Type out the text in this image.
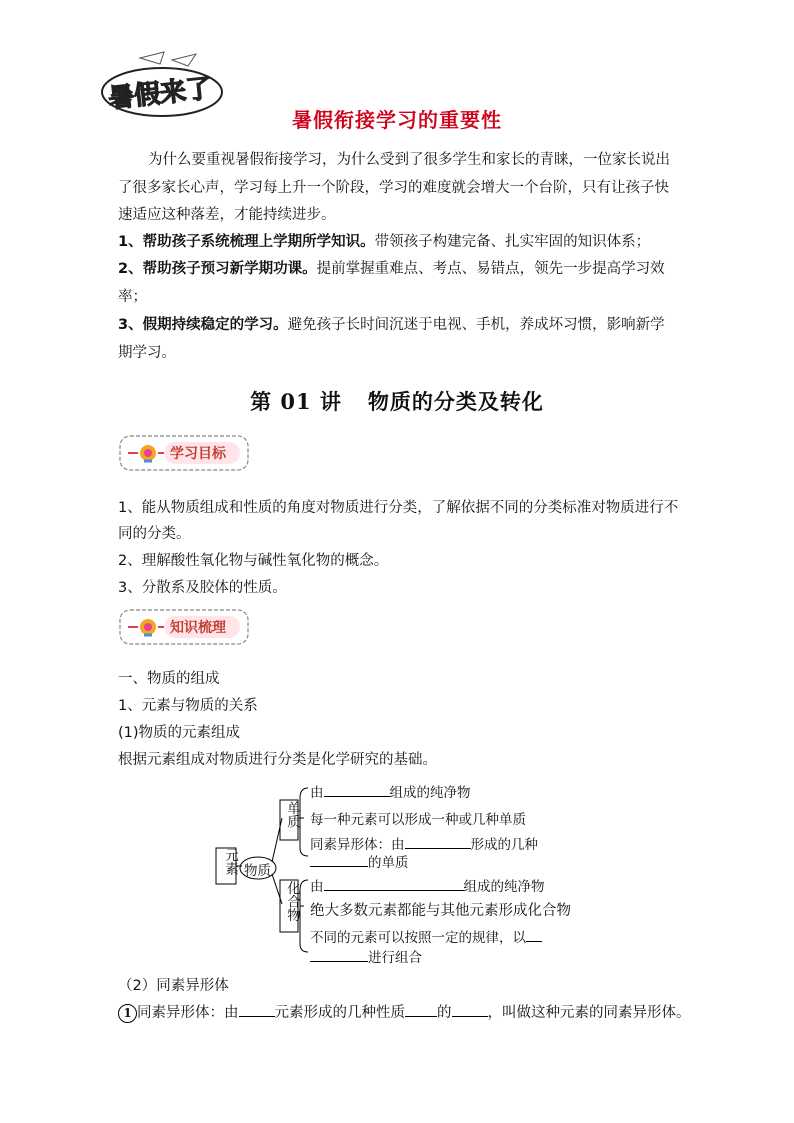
暑假来了
暑假衔接学习的重要性
为什么要重视暑假衔接学习，为什么受到了很多学生和家长的青睐，一位家长说出了很多家长心声，学习每上升一个阶段，学习的难度就会增大一个台阶，只有让孩子快速适应这种落差，才能持续进步。
1、帮助孩子系统梳理上学期所学知识。带领孩子构建完备、扎实牢固的知识体系；
2、帮助孩子预习新学期功课。提前掌握重难点、考点、易错点，领先一步提高学习效率；
3、假期持续稳定的学习。避免孩子长时间沉迷于电视、手机，养成坏习惯，影响新学期学习。
第 01 讲 物质的分类及转化
学习目标
1、能从物质组成和性质的角度对物质进行分类，了解依据不同的分类标准对物质进行不同的分类。
2、理解酸性氧化物与碱性氧化物的概念。
3、分散系及胶体的性质。
知识梳理
一、物质的组成
1、元素与物质的关系
(1)物质的元素组成
根据元素组成对物质进行分类是化学研究的基础。
元素 物质
单质
化合物
由	组成的纯净物
每一种元素可以形成一种或几种单质
同素异形体：由	形成的几种
的单质
由	组成的纯净物
绝大多数元素都能与其他元素形成化合物
不同的元素可以按照一定的规律，以
进行组合
（2）同素异形体
1 同素异形体：由 元素形成的几种性质 的 ，叫做这种元素的同素异形体。
